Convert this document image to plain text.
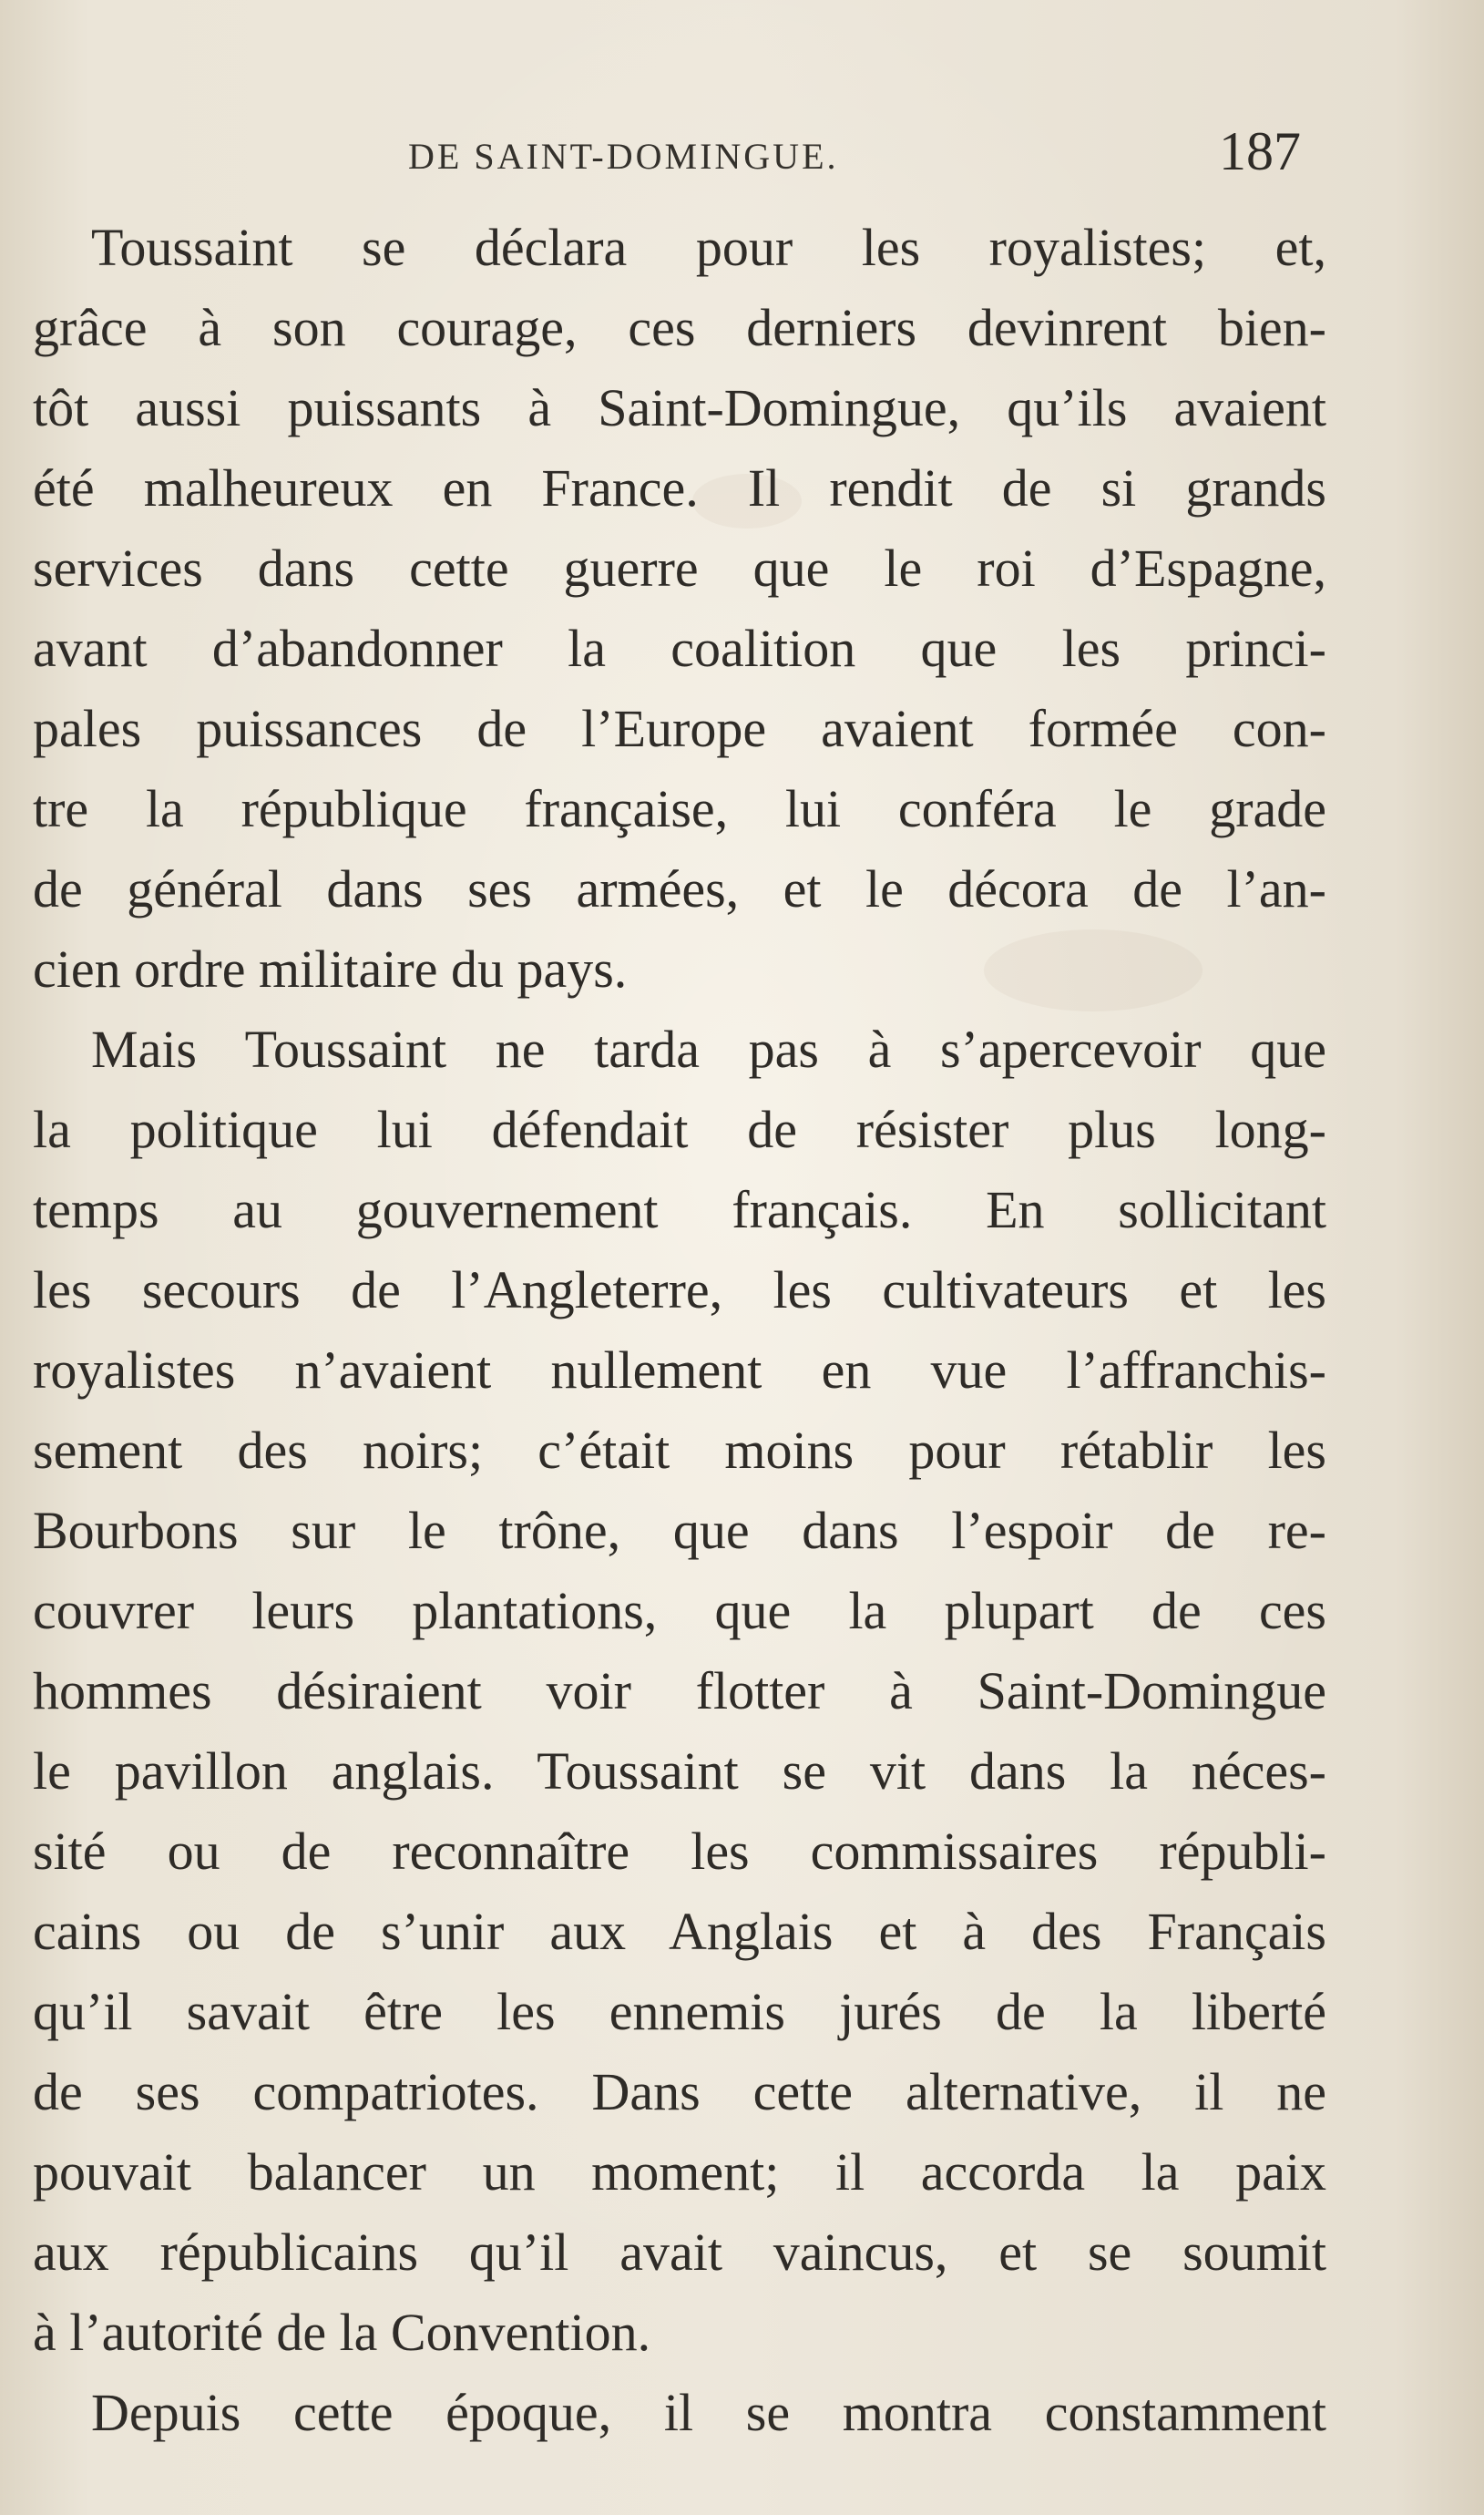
DE SAINT-DOMINGUE.	187
Toussaint se déclara pour les royalistes; et,
grâce à son courage, ces derniers devinrent bien-
tôt aussi puissants à Saint-Domingue, qu’ils avaient
été malheureux en France. Il rendit de si grands
services dans cette guerre que le roi d’Espagne,
avant d’abandonner la coalition que les princi-
pales puissances de l’Europe avaient formée con-
tre la république française, lui conféra le grade
de général dans ses armées, et le décora de l’an-
cien ordre militaire du pays.
Mais Toussaint ne tarda pas à s’apercevoir que
la politique lui défendait de résister plus long-
temps au gouvernement français. En sollicitant
les secours de l’Angleterre, les cultivateurs et les
royalistes n’avaient nullement en vue l’affranchis-
sement des noirs; c’était moins pour rétablir les
Bourbons sur le trône, que dans l’espoir de re-
couvrer leurs plantations, que la plupart de ces
hommes désiraient voir flotter à Saint-Domingue
le pavillon anglais. Toussaint se vit dans la néces-
sité ou de reconnaître les commissaires républi-
cains ou de s’unir aux Anglais et à des Français
qu’il savait être les ennemis jurés de la liberté
de ses compatriotes. Dans cette alternative, il ne
pouvait balancer un moment; il accorda la paix
aux républicains qu’il avait vaincus, et se soumit
à l’autorité de la Convention.
Depuis cette époque, il se montra constamment
